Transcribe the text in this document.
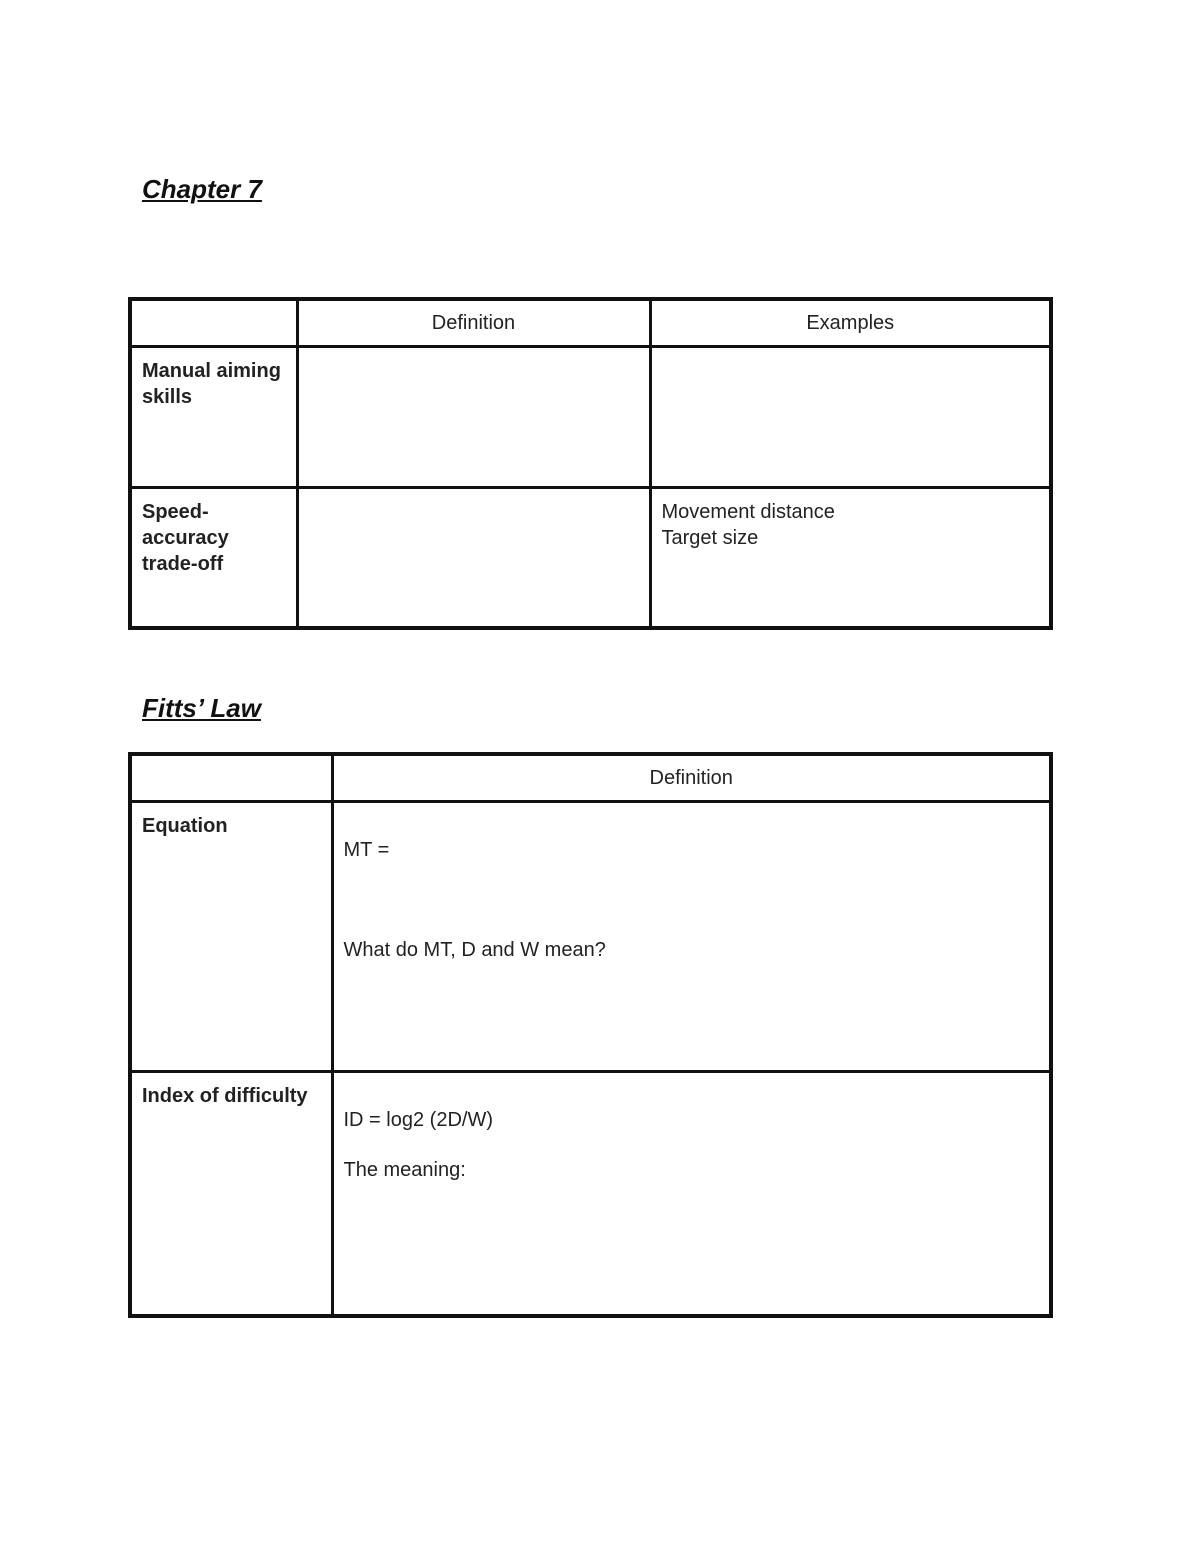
Chapter 7
	Definition	Examples
Manual aiming skills		
Speed-accuracy trade-off		Movement distance
Target size
Fitts’ Law
	Definition
Equation	MT =
What do MT, D and W mean?

Index of difficulty	ID = log2 (2D/W)
The meaning:
